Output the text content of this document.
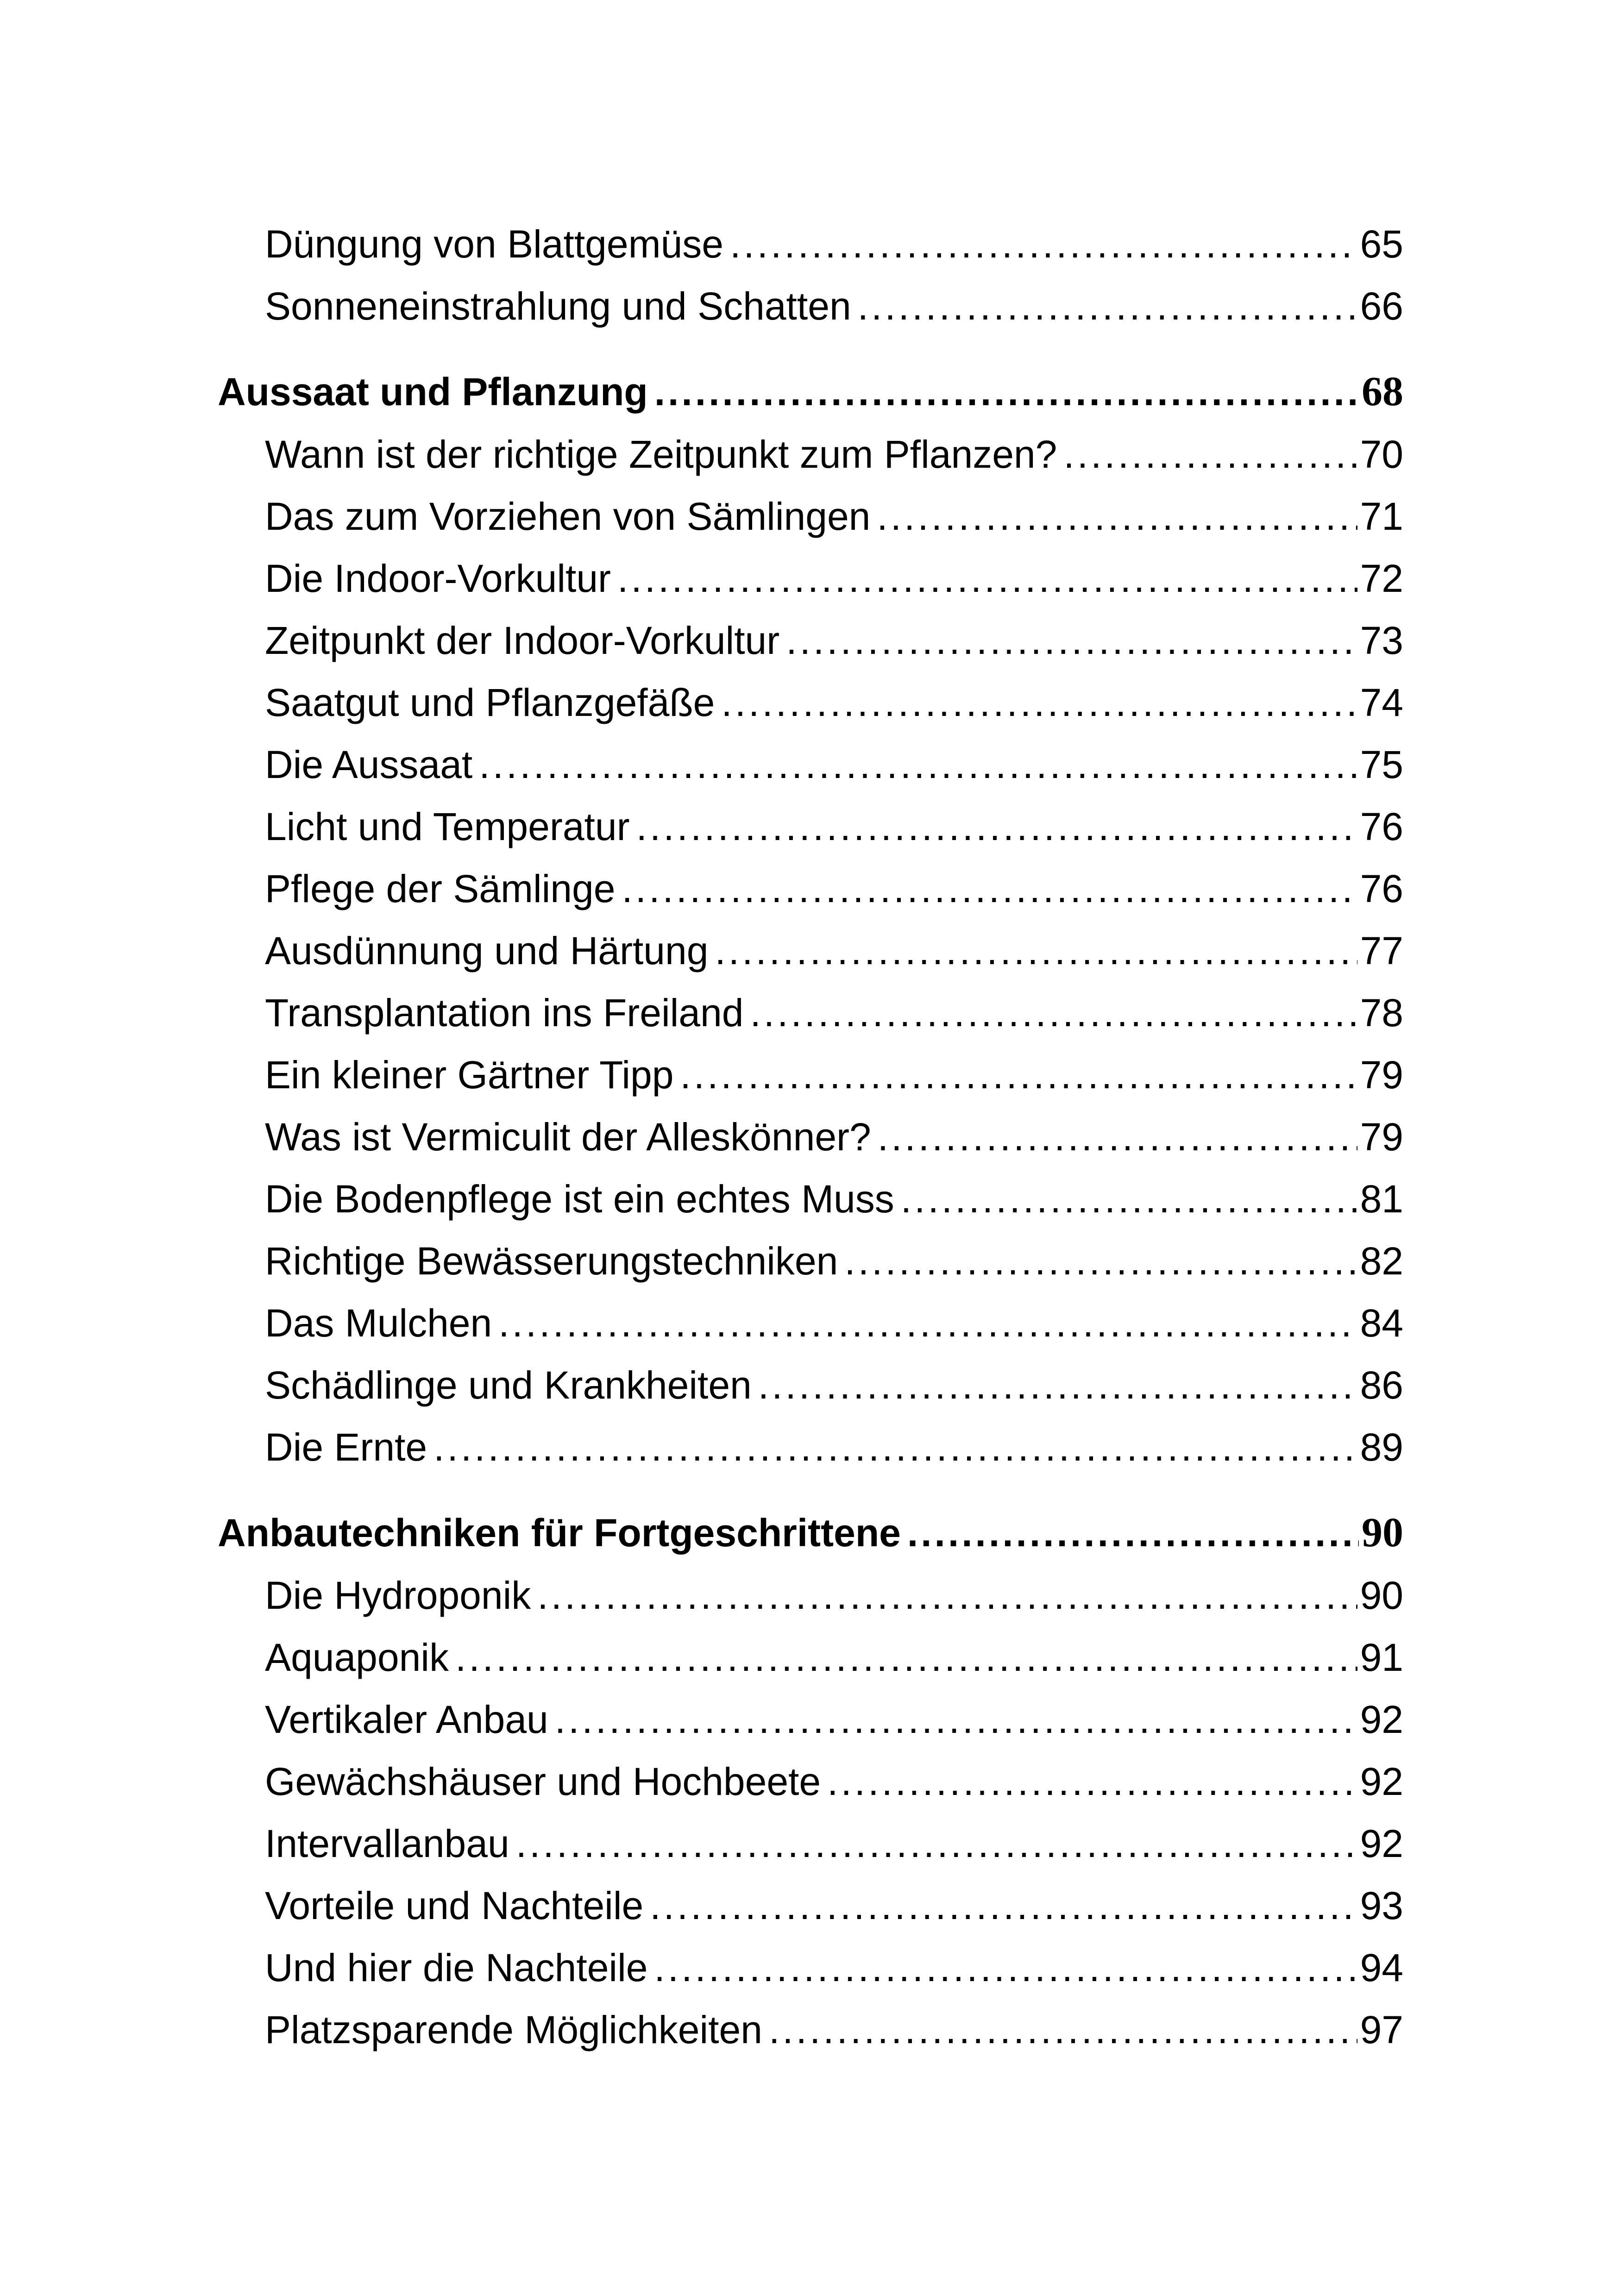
Düngung von Blattgemüse .....	65
Sonneneinstrahlung und Schatten .....	66
Aussaat und Pflanzung .....	68
Wann ist der richtige Zeitpunkt zum Pflanzen? .....	70
Das zum Vorziehen von Sämlingen .....	71
Die Indoor-Vorkultur .....	72
Zeitpunkt der Indoor-Vorkultur .....	73
Saatgut und Pflanzgefäße .....	74
Die Aussaat .....	75
Licht und Temperatur .....	76
Pflege der Sämlinge .....	76
Ausdünnung und Härtung .....	77
Transplantation ins Freiland .....	78
Ein kleiner Gärtner Tipp .....	79
Was ist Vermiculit der Alleskönner? .....	79
Die Bodenpflege ist ein echtes Muss .....	81
Richtige Bewässerungstechniken .....	82
Das Mulchen .....	84
Schädlinge und Krankheiten .....	86
Die Ernte .....	89
Anbautechniken für Fortgeschrittene .....	90
Die Hydroponik .....	90
Aquaponik .....	91
Vertikaler Anbau .....	92
Gewächshäuser und Hochbeete .....	92
Intervallanbau .....	92
Vorteile und Nachteile .....	93
Und hier die Nachteile .....	94
Platzsparende Möglichkeiten .....	97
